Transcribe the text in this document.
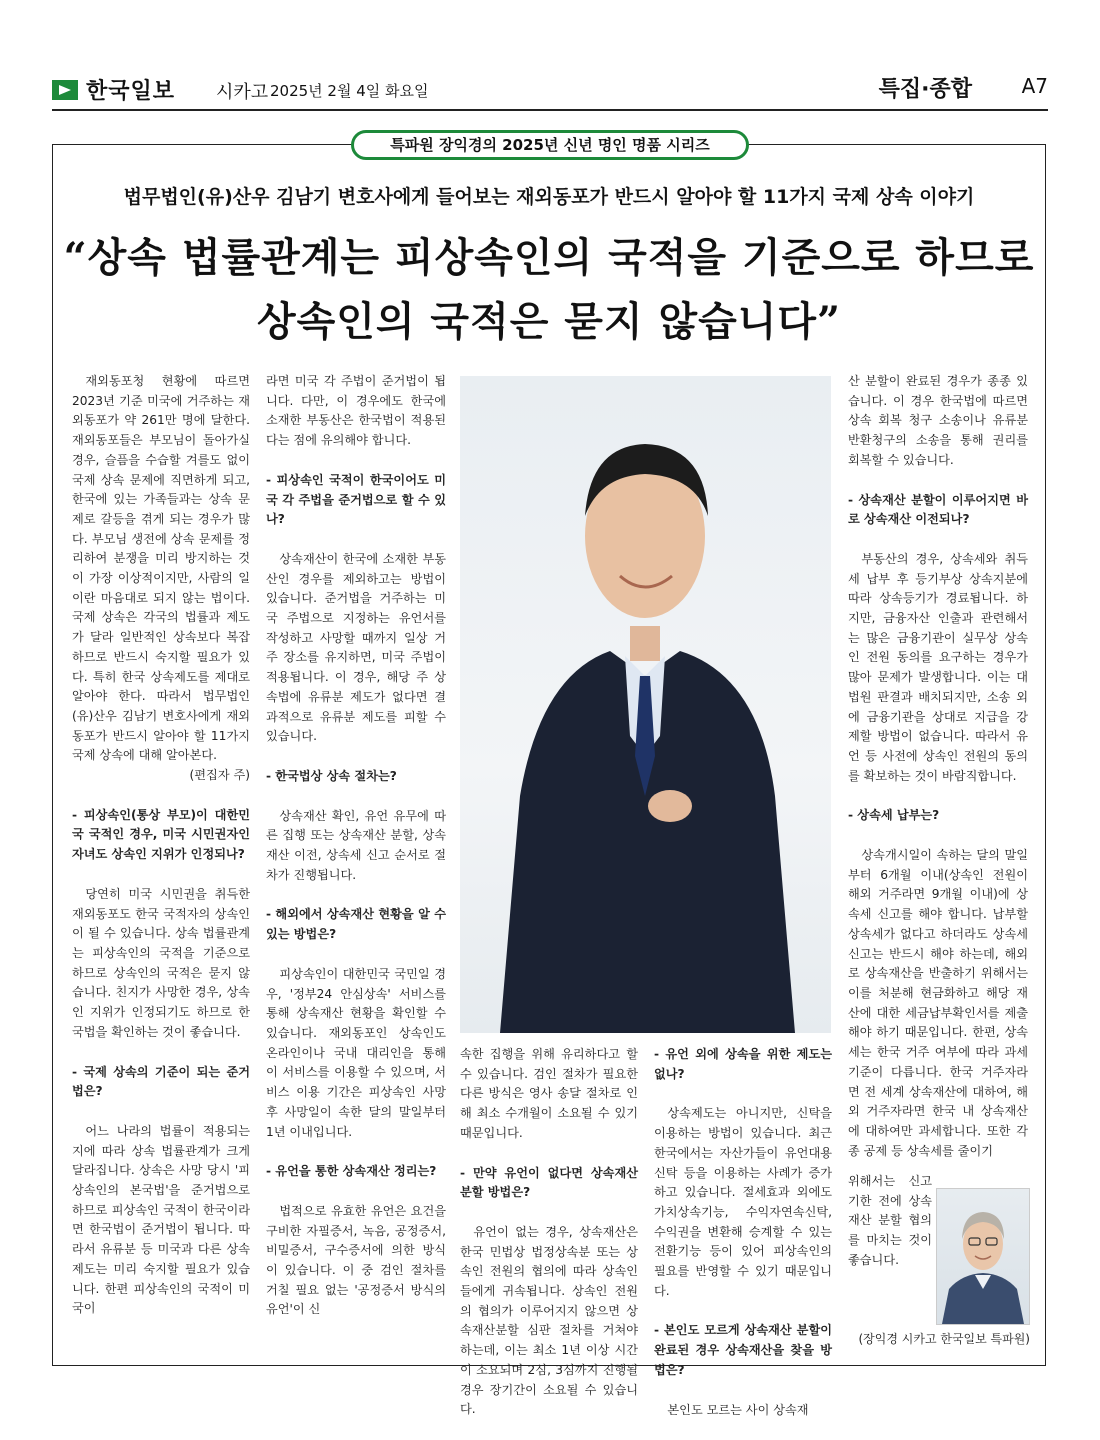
한국일보 시카고 2025년 2월 4일 화요일	특집·종합 A7
특파원 장익경의 2025년 신년 명인 명품 시리즈
법무법인(유)산우 김남기 변호사에게 들어보는 재외동포가 반드시 알아야 할 11가지 국제 상속 이야기
“상속 법률관계는 피상속인의 국적을 기준으로 하므로
상속인의 국적은 묻지 않습니다”

재외동포청 현황에 따르면 2023년 기준 미국에 거주하는 재외동포가 약 261만 명에 달한다. 재외동포들은 부모님이 돌아가실 경우, 슬픔을 수습할 겨를도 없이 국제 상속 문제에 직면하게 되고, 한국에 있는 가족들과는 상속 문제로 갈등을 겪게 되는 경우가 많다. 부모님 생전에 상속 문제를 정리하여 분쟁을 미리 방지하는 것이 가장 이상적이지만, 사람의 일이란 마음대로 되지 않는 법이다. 국제 상속은 각국의 법률과 제도가 달라 일반적인 상속보다 복잡하므로 반드시 숙지할 필요가 있다. 특히 한국 상속제도를 제대로 알아야 한다. 따라서 법무법인(유)산우 김남기 변호사에게 재외동포가 반드시 알아야 할 11가지 국제 상속에 대해 알아본다.

(편집자 주)

- 피상속인(통상 부모)이 대한민국 국적인 경우, 미국 시민권자인 자녀도 상속인 지위가 인정되나?

당연히 미국 시민권을 취득한 재외동포도 한국 국적자의 상속인이 될 수 있습니다. 상속 법률관계는 피상속인의 국적을 기준으로 하므로 상속인의 국적은 묻지 않습니다. 친지가 사망한 경우, 상속인 지위가 인정되기도 하므로 한국법을 확인하는 것이 좋습니다.

- 국제 상속의 기준이 되는 준거법은?

어느 나라의 법률이 적용되는지에 따라 상속 법률관계가 크게 달라집니다. 상속은 사망 당시 '피상속인의 본국법'을 준거법으로 하므로 피상속인 국적이 한국이라면 한국법이 준거법이 됩니다. 따라서 유류분 등 미국과 다른 상속제도는 미리 숙지할 필요가 있습니다. 한편 피상속인의 국적이 미국이

라면 미국 각 주법이 준거법이 됩니다. 다만, 이 경우에도 한국에 소재한 부동산은 한국법이 적용된다는 점에 유의해야 합니다.

- 피상속인 국적이 한국이어도 미국 각 주법을 준거법으로 할 수 있나?

상속재산이 한국에 소재한 부동산인 경우를 제외하고는 방법이 있습니다. 준거법을 거주하는 미국 주법으로 지정하는 유언서를 작성하고 사망할 때까지 일상 거주 장소를 유지하면, 미국 주법이 적용됩니다. 이 경우, 해당 주 상속법에 유류분 제도가 없다면 결과적으로 유류분 제도를 피할 수 있습니다.

- 한국법상 상속 절차는?

상속재산 확인, 유언 유무에 따른 집행 또는 상속재산 분할, 상속재산 이전, 상속세 신고 순서로 절차가 진행됩니다.

- 해외에서 상속재산 현황을 알 수 있는 방법은?

피상속인이 대한민국 국민일 경우, '정부24 안심상속' 서비스를 통해 상속재산 현황을 확인할 수 있습니다. 재외동포인 상속인도 온라인이나 국내 대리인을 통해 이 서비스를 이용할 수 있으며, 서비스 이용 기간은 피상속인 사망 후 사망일이 속한 달의 말일부터 1년 이내입니다.

- 유언을 통한 상속재산 정리는?

법적으로 유효한 유언은 요건을 구비한 자필증서, 녹음, 공정증서, 비밀증서, 구수증서에 의한 방식이 있습니다. 이 중 검인 절차를 거칠 필요 없는 '공정증서 방식의 유언'이 신

속한 집행을 위해 유리하다고 할 수 있습니다. 검인 절차가 필요한 다른 방식은 영사 송달 절차로 인해 최소 수개월이 소요될 수 있기 때문입니다.

- 만약 유언이 없다면 상속재산 분할 방법은?

유언이 없는 경우, 상속재산은 한국 민법상 법정상속분 또는 상속인 전원의 협의에 따라 상속인들에게 귀속됩니다. 상속인 전원의 협의가 이루어지지 않으면 상속재산분할 심판 절차를 거쳐야 하는데, 이는 최소 1년 이상 시간이 소요되며 2심, 3심까지 진행될 경우 장기간이 소요될 수 있습니다.

- 유언 외에 상속을 위한 제도는 없나?

상속제도는 아니지만, 신탁을 이용하는 방법이 있습니다. 최근 한국에서는 자산가들이 유언대용신탁 등을 이용하는 사례가 증가하고 있습니다. 절세효과 외에도 가치상속기능, 수익자연속신탁, 수익권을 변환해 승계할 수 있는 전환기능 등이 있어 피상속인의 필요를 반영할 수 있기 때문입니다.

- 본인도 모르게 상속재산 분할이 완료된 경우 상속재산을 찾을 방법은?

본인도 모르는 사이 상속재

산 분할이 완료된 경우가 종종 있습니다. 이 경우 한국법에 따르면 상속 회복 청구 소송이나 유류분 반환청구의 소송을 통해 권리를 회복할 수 있습니다.

- 상속재산 분할이 이루어지면 바로 상속재산 이전되나?

부동산의 경우, 상속세와 취득세 납부 후 등기부상 상속지분에 따라 상속등기가 경료됩니다. 하지만, 금융자산 인출과 관련해서는 많은 금융기관이 실무상 상속인 전원 동의를 요구하는 경우가 많아 문제가 발생합니다. 이는 대법원 판결과 배치되지만, 소송 외에 금융기관을 상대로 지급을 강제할 방법이 없습니다. 따라서 유언 등 사전에 상속인 전원의 동의를 확보하는 것이 바람직합니다.

- 상속세 납부는?

상속개시일이 속하는 달의 말일부터 6개월 이내(상속인 전원이 해외 거주라면 9개월 이내)에 상속세 신고를 해야 합니다. 납부할 상속세가 없다고 하더라도 상속세 신고는 반드시 해야 하는데, 해외로 상속재산을 반출하기 위해서는 이를 처분해 현금화하고 해당 재산에 대한 세금납부확인서를 제출해야 하기 때문입니다. 한편, 상속세는 한국 거주 여부에 따라 과세 기준이 다릅니다. 한국 거주자라면 전 세계 상속재산에 대하여, 해외 거주자라면 한국 내 상속재산에 대하여만 과세합니다. 또한 각종 공제 등 상속세를 줄이기

위해서는 신고 기한 전에 상속재산 분할 협의를 마치는 것이 좋습니다.
(장익경 시카고 한국일보 특파원)
